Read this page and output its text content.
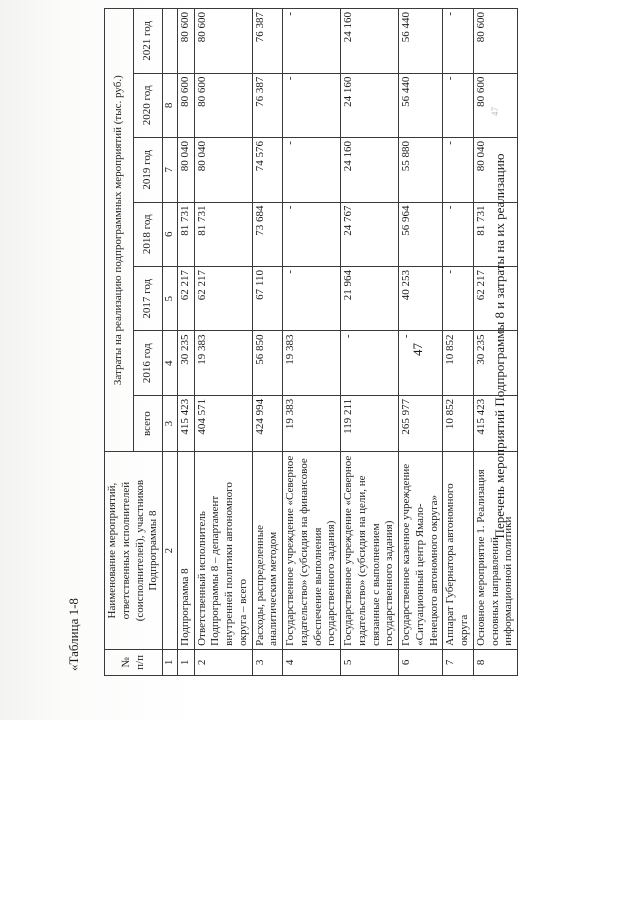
47
47
Перечень мероприятий Подпрограммы 8 и затраты на их реализацию
«Таблица 1-8	№ п/п	Наименование мероприятий, ответственных исполнителей (соисполнителей), участников Подпрограммы 8	Затраты на реализацию подпрограммных мероприятий (тыс. руб.)						
		всего	2016 год	2017 год	2018 год	2019 год	2020 год	2021 год
1	2	3	4	5	6	7	8	
1	Подпрограмма 8	415 423	30 235	62 217	81 731	80 040	80 600	80 600
2	Ответственный исполнитель Подпрограммы 8 – департамент внутренней политики автономного округа – всего	404 571	19 383	62 217	81 731	80 040	80 600	80 600
3	Расходы, распределенные аналитическим методом	424 994	56 850	67 110	73 684	74 576	76 387	76 387
4	Государственное учреждение «Северное издательство» (субсидия на финансовое обеспечение выполнения государственного задания)	19 383	19 383	-	-	-	-	-
5	Государственное учреждение «Северное издательство» (субсидия на цели, не связанные с выполнением государственного задания)	119 211	-	21 964	24 767	24 160	24 160	24 160
6	Государственное казенное учреждение «Ситуационный центр Ямало-Ненецкого автономного округа»	265 977	-	40 253	56 964	55 880	56 440	56 440
7	Аппарат Губернатора автономного округа	10 852	10 852	-	-	-	-	-
8	Основное мероприятие 1. Реализация основных направлений информационной политики	415 423	30 235	62 217	81 731	80 040	80 600	80 600
